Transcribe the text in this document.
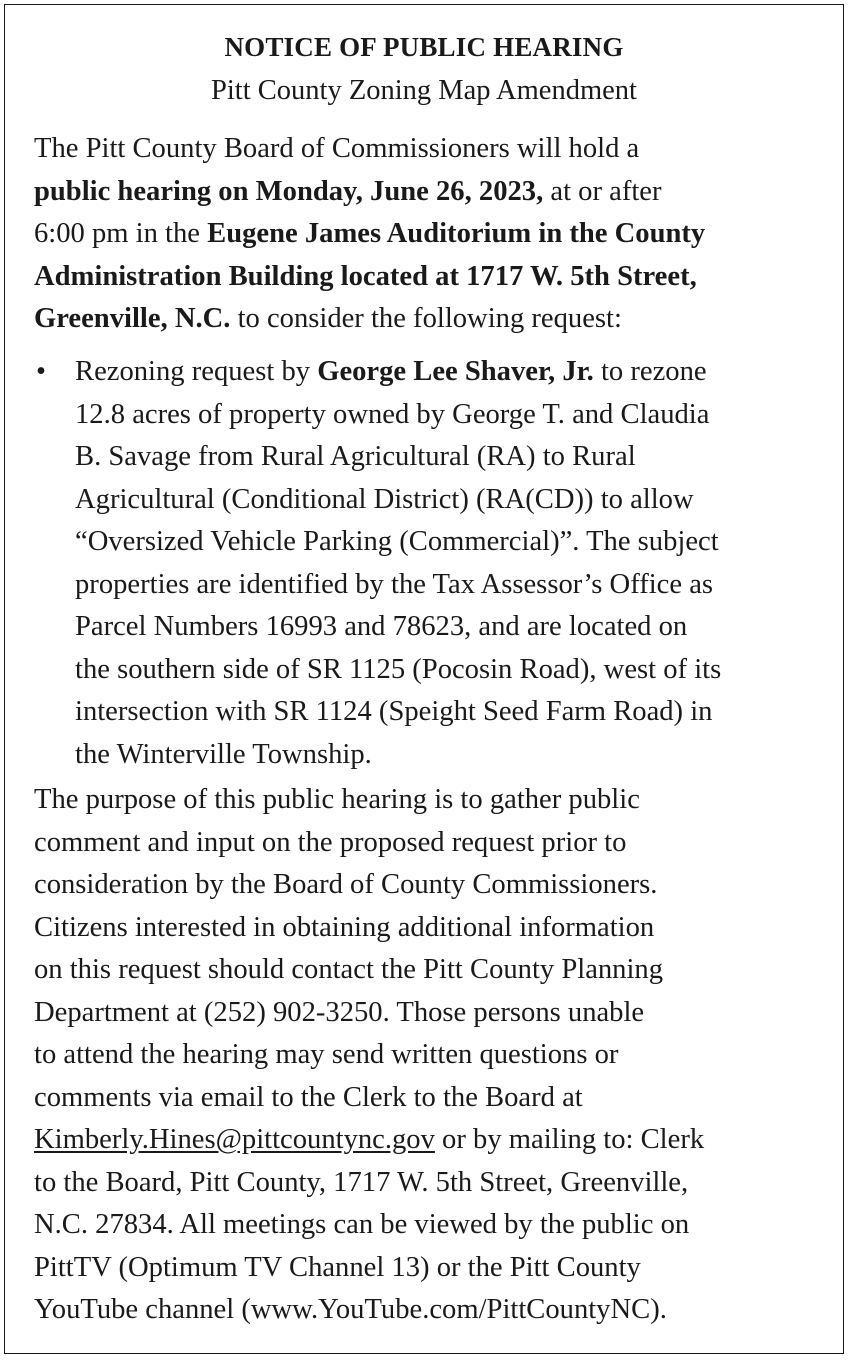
NOTICE OF PUBLIC HEARING
Pitt County Zoning Map Amendment
The Pitt County Board of Commissioners will hold a
public hearing on Monday, June 26, 2023, at or after
6:00 pm in the Eugene James Auditorium in the County
Administration Building located at 1717 W. 5th Street,
Greenville, N.C. to consider the following request:
•	Rezoning request by George Lee Shaver, Jr. to rezone
12.8 acres of property owned by George T. and Claudia
B. Savage from Rural Agricultural (RA) to Rural
Agricultural (Conditional District) (RA(CD)) to allow
“Oversized Vehicle Parking (Commercial)”. The subject
properties are identified by the Tax Assessor’s Office as
Parcel Numbers 16993 and 78623, and are located on
the southern side of SR 1125 (Pocosin Road), west of its
intersection with SR 1124 (Speight Seed Farm Road) in
the Winterville Township.
The purpose of this public hearing is to gather public
comment and input on the proposed request prior to
consideration by the Board of County Commissioners.
Citizens interested in obtaining additional information
on this request should contact the Pitt County Planning
Department at (252) 902-3250. Those persons unable
to attend the hearing may send written questions or
comments via email to the Clerk to the Board at
Kimberly.Hines@pittcountync.gov or by mailing to: Clerk
to the Board, Pitt County, 1717 W. 5th Street, Greenville,
N.C. 27834. All meetings can be viewed by the public on
PittTV (Optimum TV Channel 13) or the Pitt County
YouTube channel (www.YouTube.com/PittCountyNC).
